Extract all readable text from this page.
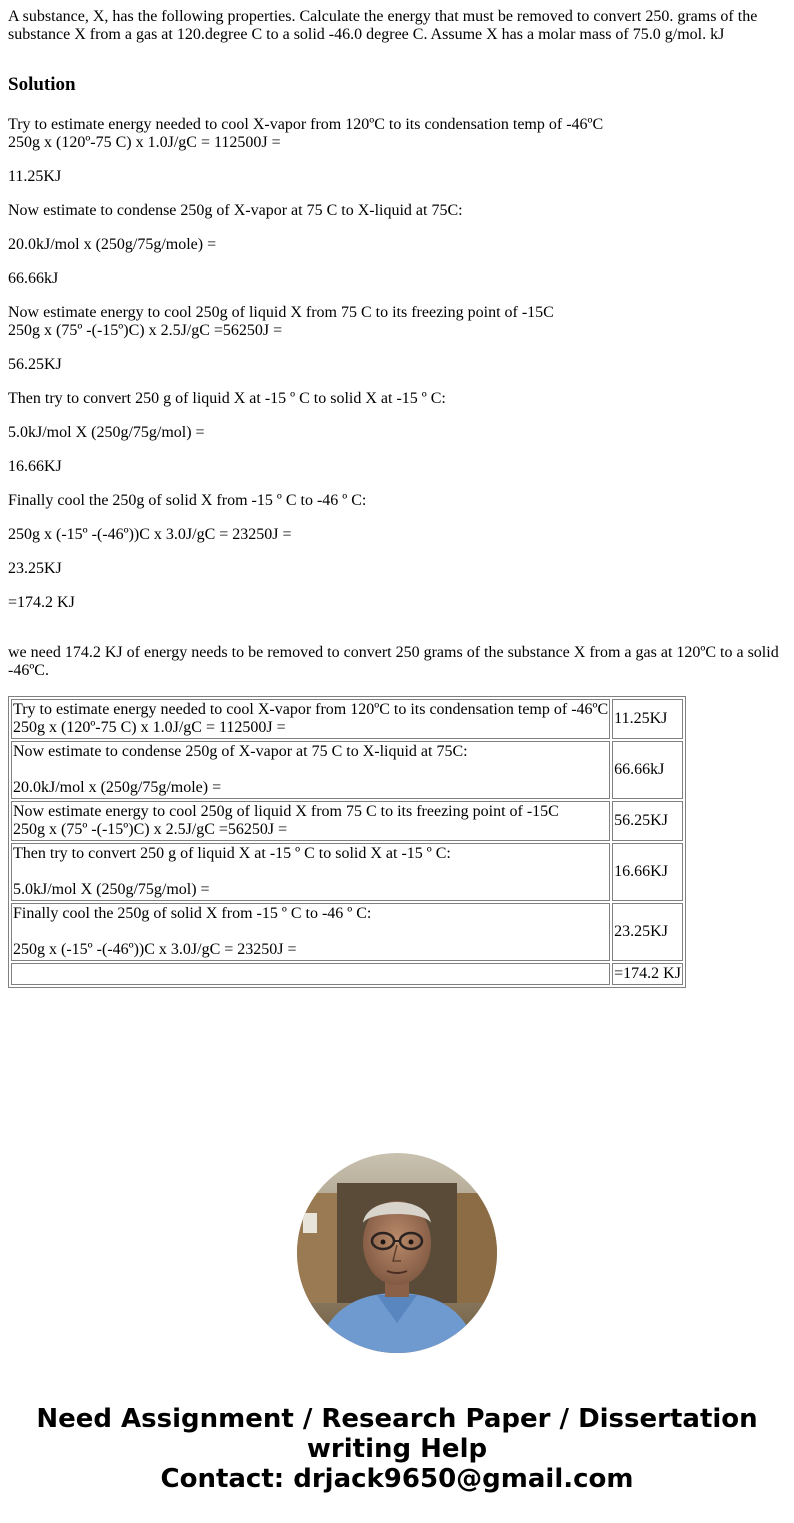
A substance, X, has the following properties. Calculate the energy that must be removed to convert 250. grams of the substance X from a gas at 120.degree C to a solid -46.0 degree C. Assume X has a molar mass of 75.0 g/mol. kJ

Solution

Try to estimate energy needed to cool X-vapor from 120ºC to its condensation temp of -46ºC

250g x (120º-75 C) x 1.0J/gC = 112500J =

11.25KJ

Now estimate to condense 250g of X-vapor at 75 C to X-liquid at 75C:

20.0kJ/mol x (250g/75g/mole) =

66.66kJ

Now estimate energy to cool 250g of liquid X from 75 C to its freezing point of -15C

250g x (75º -(-15º)C) x 2.5J/gC =56250J =

56.25KJ

Then try to convert 250 g of liquid X at -15 º C to solid X at -15 º C:

5.0kJ/mol X (250g/75g/mol) =

16.66KJ

Finally cool the 250g of solid X from -15 º C to -46 º C:

250g x (-15º -(-46º))C x 3.0J/gC = 23250J =

23.25KJ

=174.2 KJ

we need 174.2 KJ of energy needs to be removed to convert 250 grams of the substance X from a gas at 120ºC to a solid -46ºC.

Try to estimate energy needed to cool X-vapor from 120ºC to its condensation temp of -46ºC

250g x (120º-75 C) x 1.0J/gC = 112500J =	11.25KJ

Now estimate to condense 250g of X-vapor at 75 C to X-liquid at 75C:

20.0kJ/mol x (250g/75g/mole) =	66.66kJ

Now estimate energy to cool 250g of liquid X from 75 C to its freezing point of -15C

250g x (75º -(-15º)C) x 2.5J/gC =56250J =	56.25KJ

Then try to convert 250 g of liquid X at -15 º C to solid X at -15 º C:

5.0kJ/mol X (250g/75g/mol) =	16.66KJ

Finally cool the 250g of solid X from -15 º C to -46 º C:

250g x (-15º -(-46º))C x 3.0J/gC = 23250J =	23.25KJ
	=174.2 KJ
Need Assignment / Research Paper / Dissertation
writing Help
Contact: drjack9650@gmail.com
